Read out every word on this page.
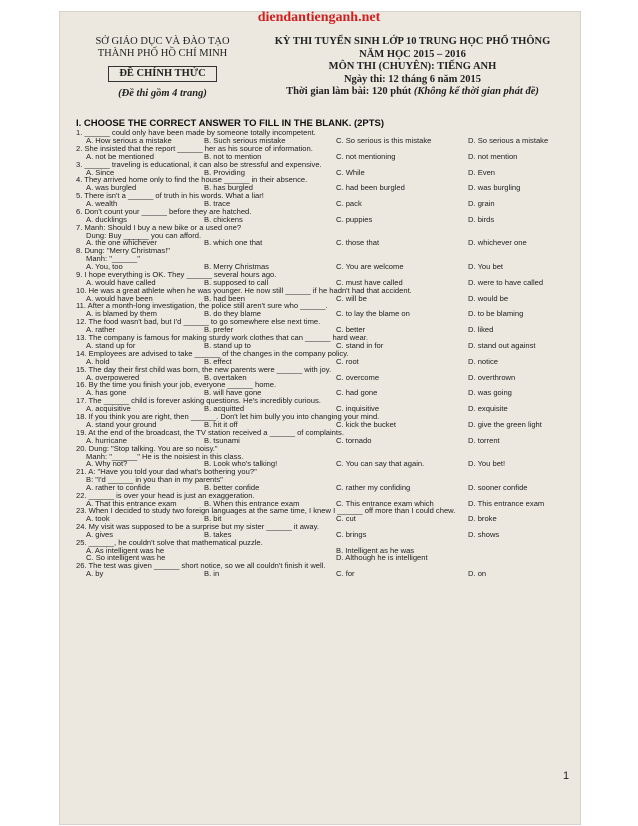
diendantienganh.net
SỞ GIÁO DỤC VÀ ĐÀO TẠO
THÀNH PHỐ HỒ CHÍ MINH
ĐỀ CHÍNH THỨC
(Đề thi gồm 4 trang)
KỲ THI TUYỂN SINH LỚP 10 TRUNG HỌC PHỔ THÔNG
NĂM HỌC 2015 – 2016
MÔN THI (CHUYÊN): TIẾNG ANH
Ngày thi: 12 tháng 6 năm 2015
Thời gian làm bài: 120 phút (Không kể thời gian phát đề)
I. CHOOSE THE CORRECT ANSWER TO FILL IN THE BLANK. (2PTS)
1. ______ could only have been made by someone totally incompetent.
A. How serious a mistake	B. Such serious mistake	C. So serious is this mistake	D. So serious a mistake
2. She insisted that the report ______ her as his source of information.
A. not be mentioned	B. not to mention	C. not mentioning	D. not mention
3. ______ traveling is educational, it can also be stressful and expensive.
A. Since	B. Providing	C. While	D. Even
4. They arrived home only to find the house ______ in their absence.
A. was burgled	B. has burgled	C. had been burgled	D. was burgling
5. There isn't a ______ of truth in his words. What a liar!
A. wealth	B. trace	C. pack	D. grain
6. Don't count your ______ before they are hatched.
A. ducklings	B. chickens	C. puppies	D. birds
7. Manh: Should I buy a new bike or a used one?
Dung: Buy ______ you can afford.
A. the one whichever	B. which one that	C. those that	D. whichever one
8. Dung: "Merry Christmas!"
Manh: "______"
A. You, too	B. Merry Christmas	C. You are welcome	D. You bet
9. I hope everything is OK. They ______ several hours ago.
A. would have called	B. supposed to call	C. must have called	D. were to have called
10. He was a great athlete when he was younger. He now still ______ if he hadn't had that accident.
A. would have been	B. had been	C. will be	D. would be
11. After a month-long investigation, the police still aren't sure who ______.
A. is blamed by them	B. do they blame	C. to lay the blame on	D. to be blaming
12. The food wasn't bad, but I'd ______ to go somewhere else next time.
A. rather	B. prefer	C. better	D. liked
13. The company is famous for making sturdy work clothes that can ______ hard wear.
A. stand up for	B. stand up to	C. stand in for	D. stand out against
14. Employees are advised to take ______ of the changes in the company policy.
A. hold	B. effect	C. root	D. notice
15. The day their first child was born, the new parents were ______ with joy.
A. overpowered	B. overtaken	C. overcome	D. overthrown
16. By the time you finish your job, everyone ______ home.
A. has gone	B. will have gone	C. had gone	D. was going
17. The ______ child is forever asking questions. He's incredibly curious.
A. acquisitive	B. acquitted	C. inquisitive	D. exquisite
18. If you think you are right, then ______. Don't let him bully you into changing your mind.
A. stand your ground	B. hit it off	C. kick the bucket	D. give the green light
19. At the end of the broadcast, the TV station received a ______ of complaints.
A. hurricane	B. tsunami	C. tornado	D. torrent
20. Dung: "Stop talking. You are so noisy."
Manh: "______" He is the noisiest in this class.
A. Why not?	B. Look who's talking!	C. You can say that again.	D. You bet!
21. A: "Have you told your dad what's bothering you?"
B: "I'd ______ in you than in my parents"
A. rather to confide	B. better confide	C. rather my confiding	D. sooner confide
22. ______ is over your head is just an exaggeration.
A. That this entrance exam	B. When this entrance exam	C. This entrance exam which	D. This entrance exam
23. When I decided to study two foreign languages at the same time, I knew I ______ off more than I could chew.
A. took	B. bit	C. cut	D. broke
24. My visit was supposed to be a surprise but my sister ______ it away.
A. gives	B. takes	C. brings	D. shows
25. ______, he couldn't solve that mathematical puzzle.
A. As intelligent was he	B. Intelligent as he was
C. So intelligent was he	D. Although he is intelligent
26. The test was given ______ short notice, so we all couldn't finish it well.
A. by	B. in	C. for	D. on
1
